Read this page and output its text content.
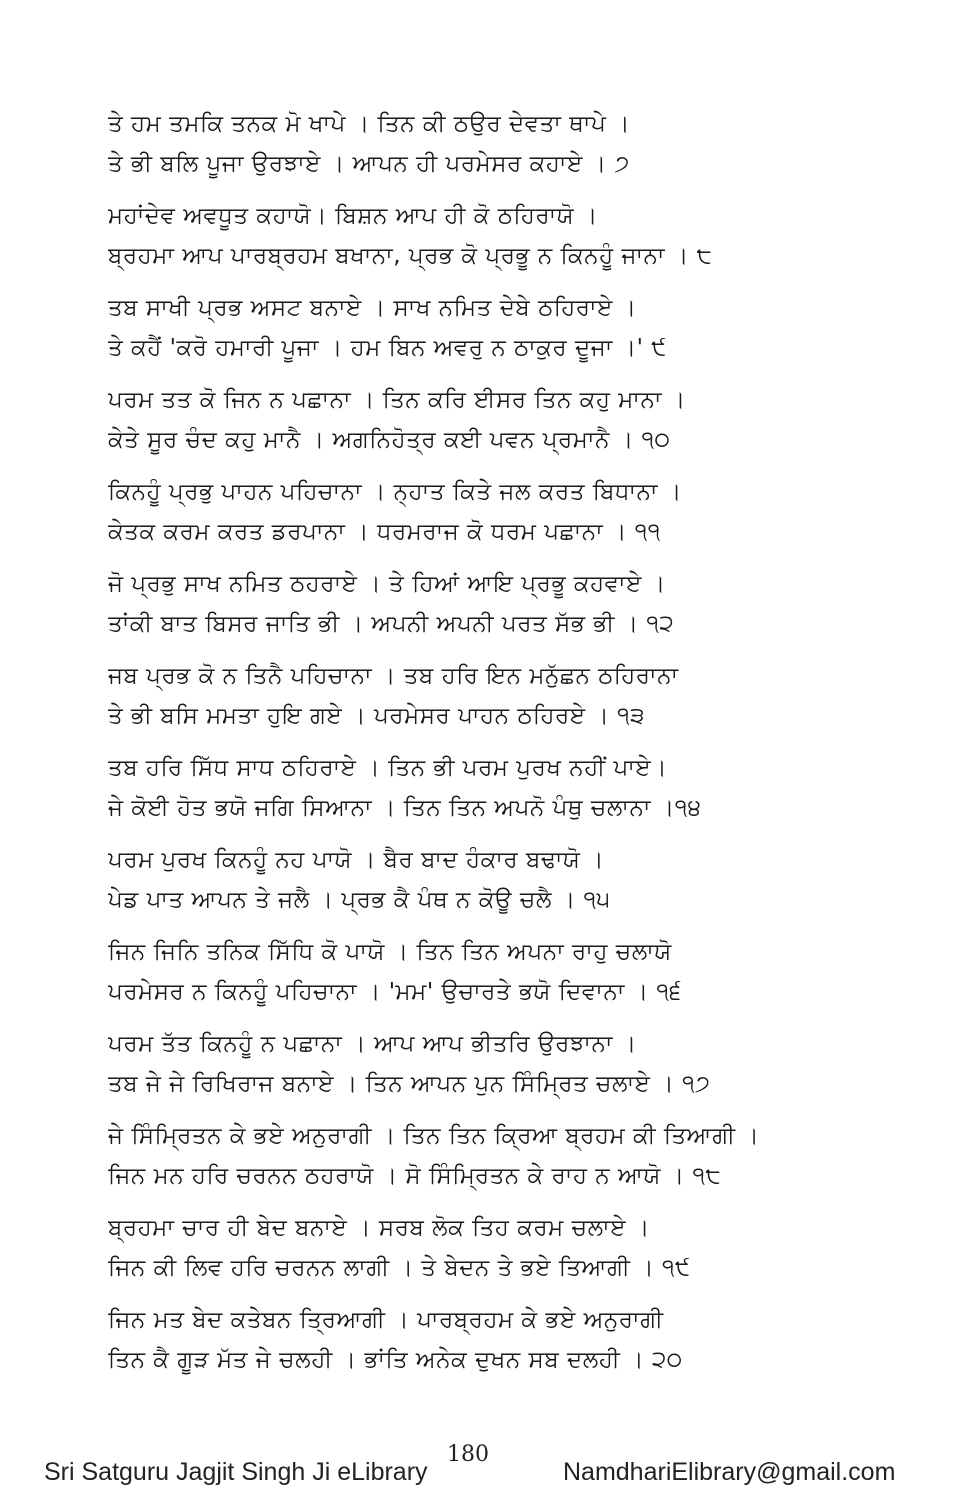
ਤੇ ਹਮ ਤਮਕਿ ਤਨਕ ਮੋ ਖਾਪੇ । ਤਿਨ ਕੀ ਠਉਰ ਦੇਵਤਾ ਥਾਪੇ ।
ਤੇ ਭੀ ਬਲਿ ਪੂਜਾ ਉਰਝਾਏ । ਆਪਨ ਹੀ ਪਰਮੇਸਰ ਕਹਾਏ । ੭
ਮਹਾਂਦੇਵ ਅਵਧੂਤ ਕਹਾਯੋ। ਬਿਸ਼ਨ ਆਪ ਹੀ ਕੋ ਠਹਿਰਾਯੋ ।
ਬ੍ਰਹਮਾ ਆਪ ਪਾਰਬ੍ਰਹਮ ਬਖਾਨਾ, ਪ੍ਰਭ ਕੋ ਪ੍ਰਭੂ ਨ ਕਿਨਹੂੰ ਜਾਨਾ । ੮
ਤਬ ਸਾਖੀ ਪ੍ਰਭ ਅਸਟ ਬਨਾਏ । ਸਾਖ ਨਮਿਤ ਦੇਬੇ ਠਹਿਰਾਏ ।
ਤੇ ਕਹੈਂ 'ਕਰੋ ਹਮਾਰੀ ਪੂਜਾ । ਹਮ ਬਿਨ ਅਵਰੁ ਨ ਠਾਕੁਰ ਦੂਜਾ ।' ੯
ਪਰਮ ਤਤ ਕੋ ਜਿਨ ਨ ਪਛਾਨਾ । ਤਿਨ ਕਰਿ ਈਸਰ ਤਿਨ ਕਹੁ ਮਾਨਾ ।
ਕੇਤੇ ਸੂਰ ਚੰਦ ਕਹੁ ਮਾਨੈ । ਅਗਨਿਹੋਤ੍ਰ ਕਈ ਪਵਨ ਪ੍ਰਮਾਨੈ । ੧੦
ਕਿਨਹੂੰ ਪ੍ਰਭੁ ਪਾਹਨ ਪਹਿਚਾਨਾ । ਨ੍ਹਾਤ ਕਿਤੇ ਜਲ ਕਰਤ ਬਿਧਾਨਾ ।
ਕੇਤਕ ਕਰਮ ਕਰਤ ਡਰਪਾਨਾ । ਧਰਮਰਾਜ ਕੋ ਧਰਮ ਪਛਾਨਾ । ੧੧
ਜੋ ਪ੍ਰਭੁ ਸਾਖ ਨਮਿਤ ਠਹਰਾਏ । ਤੇ ਹਿਆਂ ਆਇ ਪ੍ਰਭੂ ਕਹਵਾਏ ।
ਤਾਂਕੀ ਬਾਤ ਬਿਸਰ ਜਾਤਿ ਭੀ । ਅਪਨੀ ਅਪਨੀ ਪਰਤ ਸੱਭ ਭੀ । ੧੨
ਜਬ ਪ੍ਰਭ ਕੋ ਨ ਤਿਨੈ ਪਹਿਚਾਨਾ । ਤਬ ਹਰਿ ਇਨ ਮਨੁੱਛਨ ਠਹਿਰਾਨਾ
ਤੇ ਭੀ ਬਸਿ ਮਮਤਾ ਹੁਇ ਗਏ । ਪਰਮੇਸਰ ਪਾਹਨ ਠਹਿਰਏ । ੧੩
ਤਬ ਹਰਿ ਸਿੱਧ ਸਾਧ ਠਹਿਰਾਏ । ਤਿਨ ਭੀ ਪਰਮ ਪੁਰਖ ਨਹੀਂ ਪਾਏ।
ਜੇ ਕੋਈ ਹੋਤ ਭਯੋ ਜਗਿ ਸਿਆਨਾ । ਤਿਨ ਤਿਨ ਅਪਨੋ ਪੰਥੁ ਚਲਾਨਾ ।੧੪
ਪਰਮ ਪੁਰਖ ਕਿਨਹੂੰ ਨਹ ਪਾਯੋ । ਬੈਰ ਬਾਦ ਹੰਕਾਰ ਬਢਾਯੋ ।
ਪੇਡ ਪਾਤ ਆਪਨ ਤੇ ਜਲੈ । ਪ੍ਰਭ ਕੈ ਪੰਥ ਨ ਕੋਊ ਚਲੈ । ੧੫
ਜਿਨ ਜਿਨਿ ਤਨਿਕ ਸਿੱਧਿ ਕੋ ਪਾਯੋ । ਤਿਨ ਤਿਨ ਅਪਨਾ ਰਾਹੁ ਚਲਾਯੋ
ਪਰਮੇਸਰ ਨ ਕਿਨਹੂੰ ਪਹਿਚਾਨਾ । 'ਮਮ' ਉਚਾਰਤੇ ਭਯੋ ਦਿਵਾਨਾ । ੧੬
ਪਰਮ ਤੱਤ ਕਿਨਹੂੰ ਨ ਪਛਾਨਾ । ਆਪ ਆਪ ਭੀਤਰਿ ਉਰਝਾਨਾ ।
ਤਬ ਜੇ ਜੇ ਰਿਖਿਰਾਜ ਬਨਾਏ । ਤਿਨ ਆਪਨ ਪੁਨ ਸਿੰਮ੍ਰਿਤ ਚਲਾਏ । ੧੭
ਜੇ ਸਿੰਮ੍ਰਿਤਨ ਕੇ ਭਏ ਅਨੁਰਾਗੀ । ਤਿਨ ਤਿਨ ਕ੍ਰਿਆ ਬ੍ਰਹਮ ਕੀ ਤਿਆਗੀ ।
ਜਿਨ ਮਨ ਹਰਿ ਚਰਨਨ ਠਹਰਾਯੋ । ਸੋ ਸਿੰਮ੍ਰਿਤਨ ਕੇ ਰਾਹ ਨ ਆਯੋ । ੧੮
ਬ੍ਰਹਮਾ ਚਾਰ ਹੀ ਬੇਦ ਬਨਾਏ । ਸਰਬ ਲੋਕ ਤਿਹ ਕਰਮ ਚਲਾਏ ।
ਜਿਨ ਕੀ ਲਿਵ ਹਰਿ ਚਰਨਨ ਲਾਗੀ । ਤੇ ਬੇਦਨ ਤੇ ਭਏ ਤਿਆਗੀ । ੧੯
ਜਿਨ ਮਤ ਬੇਦ ਕਤੇਬਨ ਤ੍ਰਿਆਗੀ । ਪਾਰਬ੍ਰਹਮ ਕੇ ਭਏ ਅਨੁਰਾਗੀ
ਤਿਨ ਕੈ ਗੂੜ ਮੱਤ ਜੇ ਚਲਹੀ । ਭਾਂਤਿ ਅਨੇਕ ਦੁਖਨ ਸਬ ਦਲਹੀ । ੨੦
180
Sri Satguru Jagjit Singh Ji eLibrary	NamdhariElibrary@gmail.com
